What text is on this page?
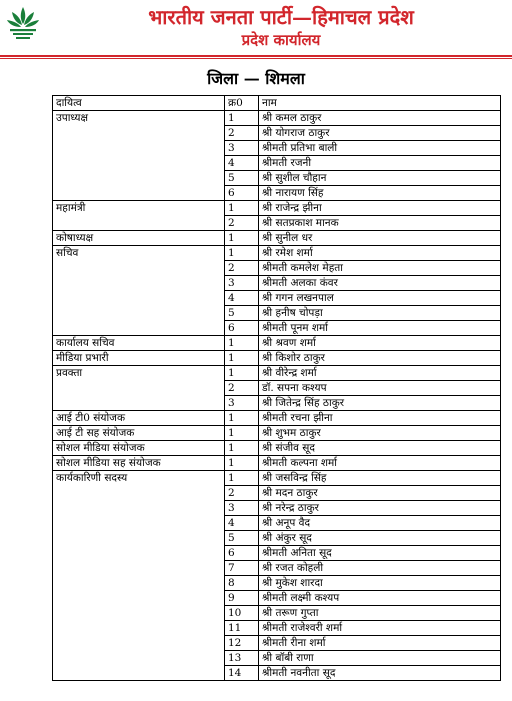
भारतीय जनता पार्टी—हिमाचल प्रदेश
प्रदेश कार्यालय
जिला — शिमला
दायित्व	क्र0	नाम
उपाध्यक्ष	1	श्री कमल ठाकुर
	2	श्री योगराज ठाकुर
	3	श्रीमती प्रतिभा बाली
	4	श्रीमती रजनी
	5	श्री सुशील चौहान
	6	श्री नारायण सिंह
महामंत्री	1	श्री राजेन्द्र झीना
	2	श्री सतप्रकाश मानक
कोषाध्यक्ष	1	श्री सुनील धर
सचिव	1	श्री रमेश शर्मा
	2	श्रीमती कमलेश मेहता
	3	श्रीमती अलका कंवर
	4	श्री गगन लखनपाल
	5	श्री हनीष चोपड़ा
	6	श्रीमती पूनम शर्मा
कार्यालय सचिव	1	श्री श्रवण शर्मा
मीडिया प्रभारी	1	श्री किशोर ठाकुर
प्रवक्ता	1	श्री वीरेन्द्र शर्मा
	2	डॉ. सपना कश्यप
	3	श्री जितेन्द्र सिंह ठाकुर
आई टी0 संयोजक	1	श्रीमती रचना झीना
आई टी सह संयोजक	1	श्री शुभम ठाकुर
सोशल मीडिया संयोजक	1	श्री संजीव सूद
सोशल मीडिया सह संयोजक	1	श्रीमती कल्पना शर्मा
कार्यकारिणी सदस्य	1	श्री जसविन्द्र सिंह
	2	श्री मदन ठाकुर
	3	श्री नरेन्द्र ठाकुर
	4	श्री अनूप वैद
	5	श्री अंकुर सूद
	6	श्रीमती अनिता सूद
	7	श्री रजत कोहली
	8	श्री मुकेश शारदा
	9	श्रीमती लक्ष्मी कश्यप
	10	श्री तरूण गुप्ता
	11	श्रीमती राजेश्वरी शर्मा
	12	श्रीमती रीना शर्मा
	13	श्री बॉबी राणा
	14	श्रीमती नवनीता सूद
